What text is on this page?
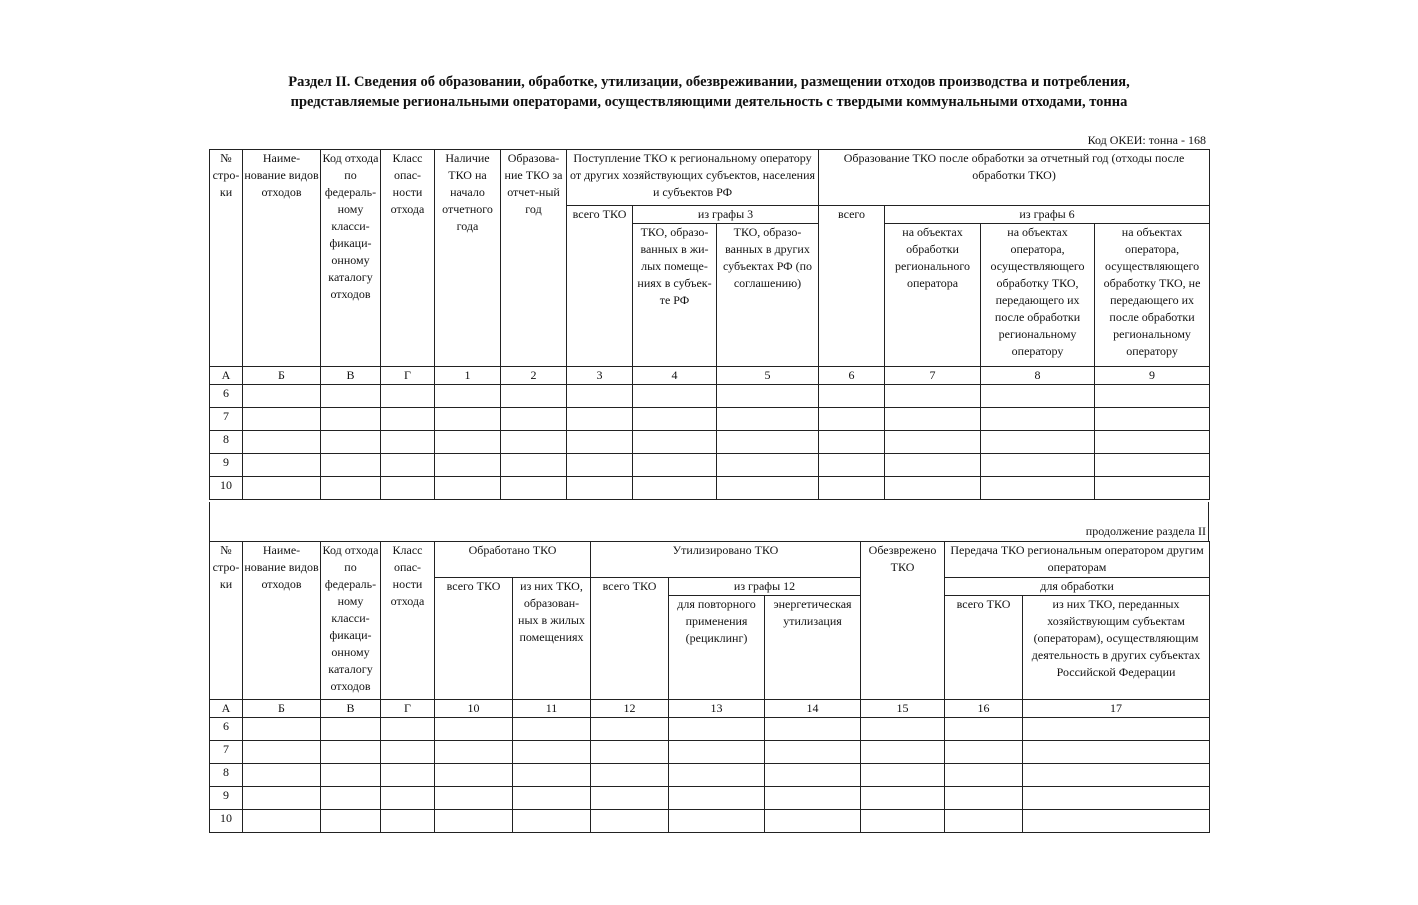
Раздел II. Сведения об образовании, обработке, утилизации, обезвреживании, размещении отходов производства и потребления,
представляемые региональными операторами, осуществляющими деятельность с твердыми коммунальными отходами, тонна
Код ОКЕИ: тонна - 168
№ стро-ки	Наиме-нование видов отходов	Код отхода по федераль-ному класси-фикаци-онному каталогу отходов	Класс опас-ности отхода	Наличие ТКО на начало отчетного года	Образова-ние ТКО за отчет-ный год	Поступление ТКО к региональному оператору от других хозяйствующих субъектов, населения и субъектов РФ			Образование ТКО после обработки за отчетный год (отходы после обработки ТКО)			
						всего ТКО	из графы 3		всего	из графы 6		
							ТКО, образо-ванных в жи-лых помеще-ниях в субъек-те РФ	ТКО, образо-ванных в других субъектах РФ (по соглашению)		на объектах обработки регионального оператора	на объектах оператора, осуществляющего обработку ТКО, передающего их после обработки региональному оператору	на объектах оператора, осуществляющего обработку ТКО, не передающего их после обработки региональному оператору

А	Б	В	Г	1	2	3	4	5	6	7	8	9
6												
7												
8												
9												
10												
продолжение раздела II
№ стро-ки	Наиме-нование видов отходов	Код отхода по федераль-ному класси-фикаци-онному каталогу отходов	Класс опас-ности отхода	Обработано ТКО		Утилизировано ТКО			Обезврежено ТКО	Передача ТКО региональным оператором другим операторам	
				всего ТКО	из них ТКО, образован-ных в жилых помещениях	всего ТКО	из графы 12			для обработки	
							для повторного применения (рециклинг)	энергетическая утилизация		всего ТКО	из них ТКО, переданных хозяйствующим субъектам (операторам), осуществляющим деятельность в других субъектах Российской Федерации

А	Б	В	Г	10	11	12	13	14	15	16	17
6											
7											
8											
9											
10											
